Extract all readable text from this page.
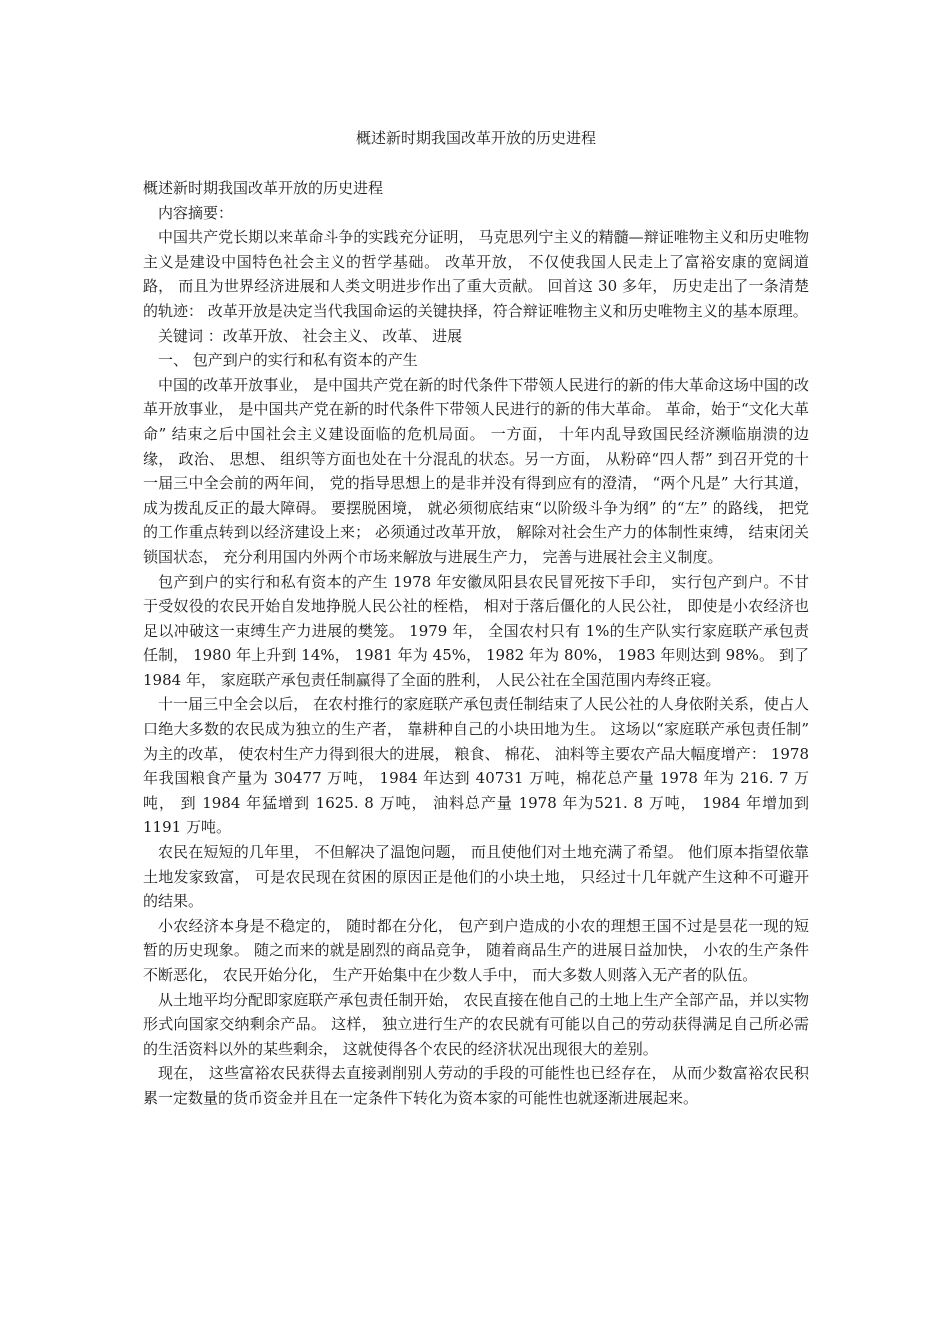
概述新时期我国改革开放的历史进程

概述新时期我国改革开放的历史进程

内容摘要：

中国共产党长期以来革命斗争的实践充分证明， 马克思列宁主义的精髓—辩证唯物主义和历史唯物主义是建设中国特色社会主义的哲学基础。 改革开放， 不仅使我国人民走上了富裕安康的宽阔道路， 而且为世界经济进展和人类文明进步作出了重大贡献。 回首这 30 多年， 历史走出了一条清楚的轨迹： 改革开放是决定当代我国命运的关键抉择，符合辩证唯物主义和历史唯物主义的基本原理。

关键词 ：改革开放、 社会主义、 改革、 进展

一、 包产到户的实行和私有资本的产生

中国的改革开放事业， 是中国共产党在新的时代条件下带领人民进行的新的伟大革命这场中国的改革开放事业， 是中国共产党在新的时代条件下带领人民进行的新的伟大革命。 革命，始于“文化大革命” 结束之后中国社会主义建设面临的危机局面。 一方面， 十年内乱导致国民经济濒临崩溃的边缘， 政治、 思想、 组织等方面也处在十分混乱的状态。另一方面， 从粉碎“四人帮” 到召开党的十一届三中全会前的两年间， 党的指导思想上的是非并没有得到应有的澄清， “两个凡是” 大行其道， 成为拨乱反正的最大障碍。 要摆脱困境， 就必须彻底结束“以阶级斗争为纲” 的“左” 的路线， 把党的工作重点转到以经济建设上来； 必须通过改革开放， 解除对社会生产力的体制性束缚， 结束闭关锁国状态， 充分利用国内外两个市场来解放与进展生产力， 完善与进展社会主义制度。

包产到户的实行和私有资本的产生 1978 年安徽凤阳县农民冒死按下手印， 实行包产到户。不甘于受奴役的农民开始自发地挣脱人民公社的桎梏， 相对于落后僵化的人民公社， 即使是小农经济也足以冲破这一束缚生产力进展的樊笼。 1979 年， 全国农村只有 1%的生产队实行家庭联产承包责任制， 1980 年上升到 14%， 1981 年为 45%， 1982 年为 80%， 1983 年则达到 98%。 到了 1984 年， 家庭联产承包责任制赢得了全面的胜利， 人民公社在全国范围内寿终正寝。

十一届三中全会以后， 在农村推行的家庭联产承包责任制结束了人民公社的人身依附关系，使占人口绝大多数的农民成为独立的生产者， 靠耕种自己的小块田地为生。 这场以“家庭联产承包责任制” 为主的改革， 使农村生产力得到很大的进展， 粮食、 棉花、 油料等主要农产品大幅度增产： 1978 年我国粮食产量为 30477 万吨， 1984 年达到 40731 万吨，棉花总产量 1978 年为 216. 7 万吨， 到 1984 年猛增到 1625. 8 万吨， 油料总产量 1978 年为521. 8 万吨， 1984 年增加到 1191 万吨。

农民在短短的几年里， 不但解决了温饱问题， 而且使他们对土地充满了希望。 他们原本指望依靠土地发家致富， 可是农民现在贫困的原因正是他们的小块土地， 只经过十几年就产生这种不可避开的结果。

小农经济本身是不稳定的， 随时都在分化， 包产到户造成的小农的理想王国不过是昙花一现的短暂的历史现象。 随之而来的就是剧烈的商品竞争， 随着商品生产的进展日益加快， 小农的生产条件不断恶化， 农民开始分化， 生产开始集中在少数人手中， 而大多数人则落入无产者的队伍。

从土地平均分配即家庭联产承包责任制开始， 农民直接在他自己的土地上生产全部产品，并以实物形式向国家交纳剩余产品。 这样， 独立进行生产的农民就有可能以自己的劳动获得满足自己所必需的生活资料以外的某些剩余， 这就使得各个农民的经济状况出现很大的差别。

现在， 这些富裕农民获得去直接剥削别人劳动的手段的可能性也已经存在， 从而少数富裕农民积累一定数量的货币资金并且在一定条件下转化为资本家的可能性也就逐渐进展起来。
